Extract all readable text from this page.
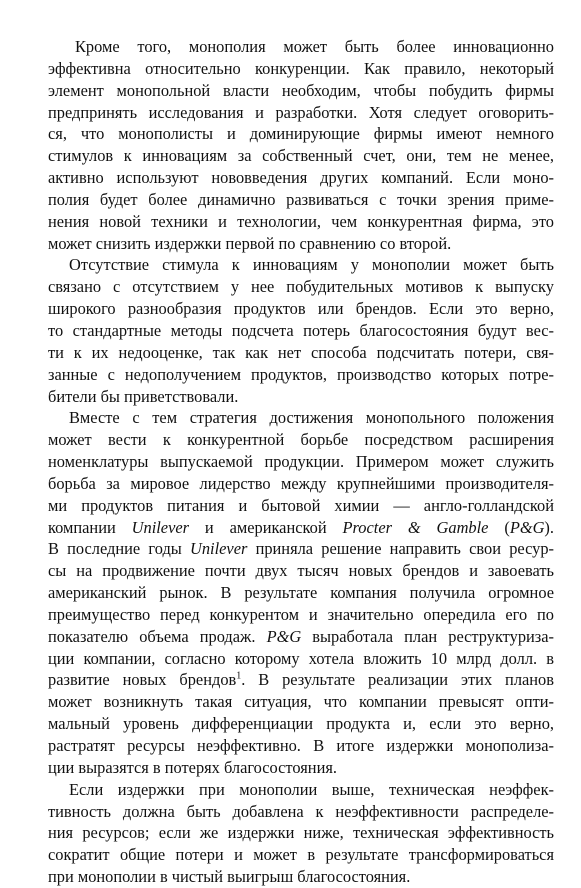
Кроме того, монополия может быть более инновационно
эффективна относительно конкуренции. Как правило, некоторый
элемент монопольной власти необходим, чтобы побудить фирмы
предпринять исследования и разработки. Хотя следует оговорить-
ся, что монополисты и доминирующие фирмы имеют немного
стимулов к инновациям за собственный счет, они, тем не менее,
активно используют нововведения других компаний. Если моно-
полия будет более динамично развиваться с точки зрения приме-
нения новой техники и технологии, чем конкурентная фирма, это
может снизить издержки первой по сравнению со второй.
Отсутствие стимула к инновациям у монополии может быть
связано с отсутствием у нее побудительных мотивов к выпуску
широкого разнообразия продуктов или брендов. Если это верно,
то стандартные методы подсчета потерь благосостояния будут вес-
ти к их недооценке, так как нет способа подсчитать потери, свя-
занные с недополучением продуктов, производство которых потре-
бители бы приветствовали.
Вместе с тем стратегия достижения монопольного положения
может вести к конкурентной борьбе посредством расширения
номенклатуры выпускаемой продукции. Примером может служить
борьба за мировое лидерство между крупнейшими производителя-
ми продуктов питания и бытовой химии — англо-голландской
компании Unilever и американской Procter & Gamble (P&G).
В последние годы Unilever приняла решение направить свои ресур-
сы на продвижение почти двух тысяч новых брендов и завоевать
американский рынок. В результате компания получила огромное
преимущество перед конкурентом и значительно опередила его по
показателю объема продаж. P&G выработала план реструктуриза-
ции компании, согласно которому хотела вложить 10 млрд долл. в
развитие новых брендов$^1$. В результате реализации этих планов
может возникнуть такая ситуация, что компании превысят опти-
мальный уровень дифференциации продукта и, если это верно,
растратят ресурсы неэффективно. В итоге издержки монополиза-
ции выразятся в потерях благосостояния.
Если издержки при монополии выше, техническая неэффек-
тивность должна быть добавлена к неэффективности распределе-
ния ресурсов; если же издержки ниже, техническая эффективность
сократит общие потери и может в результате трансформироваться
при монополии в чистый выигрыш благосостояния.
